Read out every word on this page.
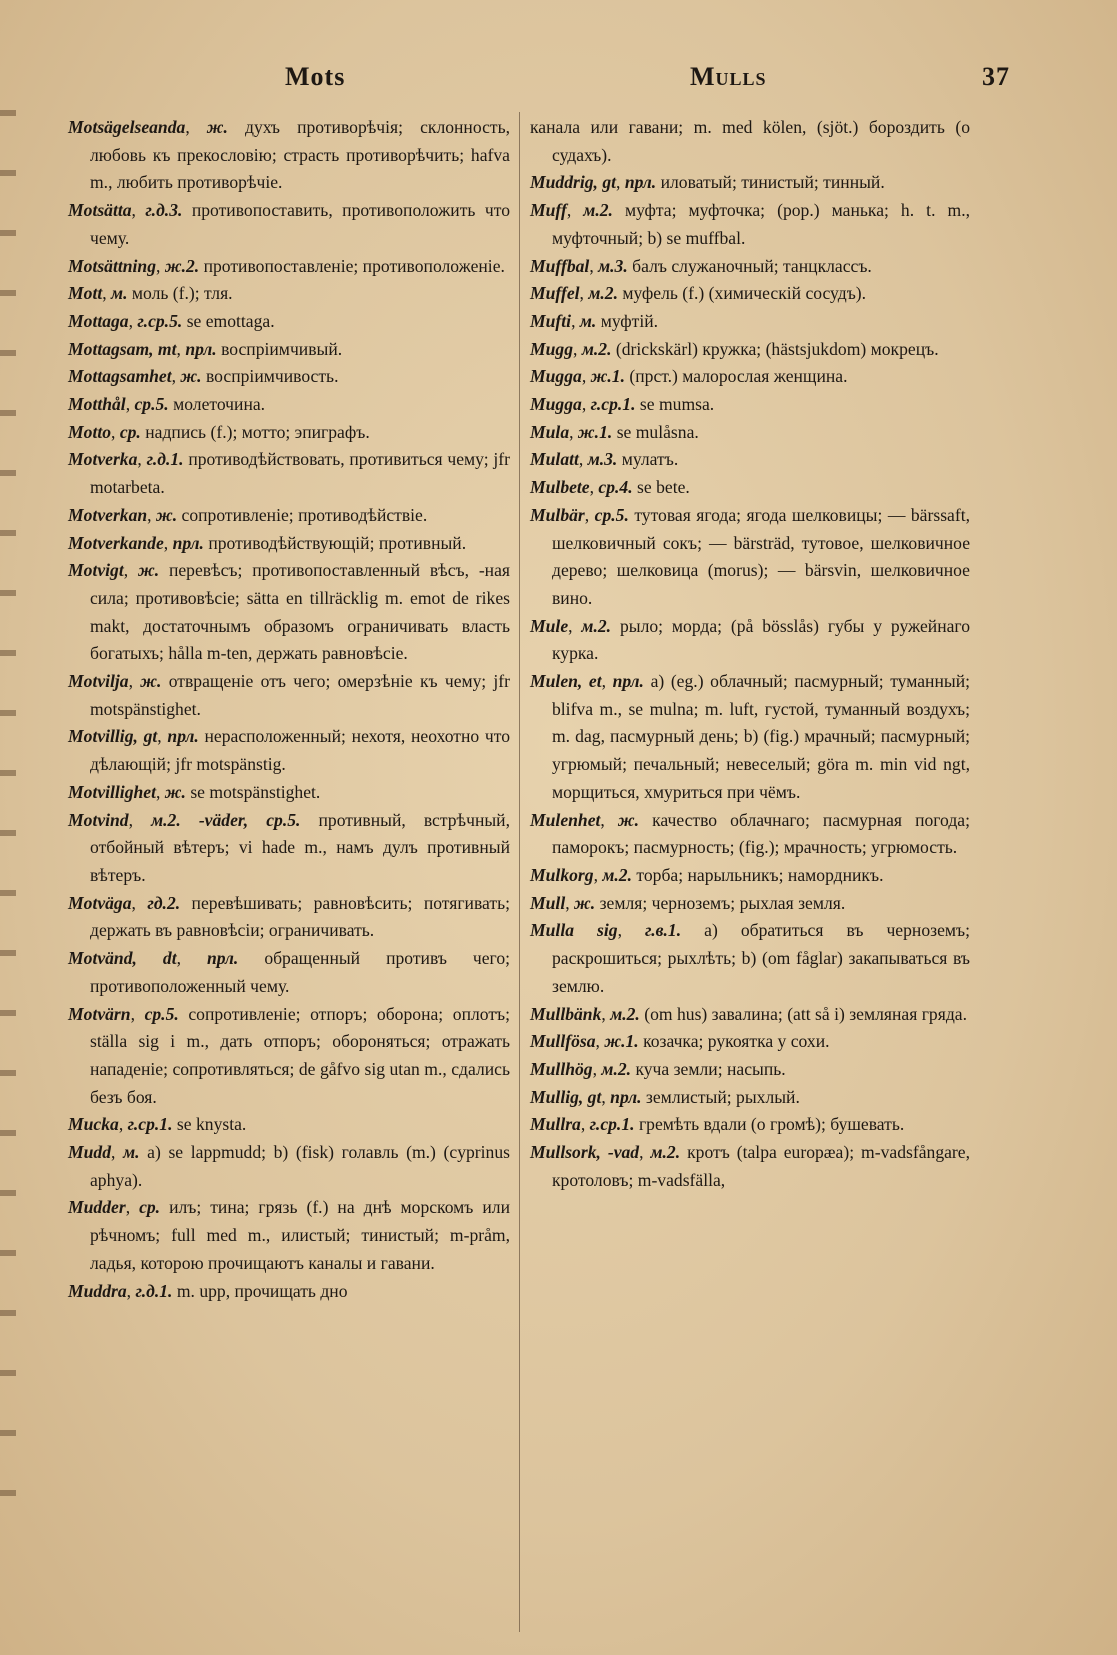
Mots	Mulls	37

Motsägelseanda, ж. духъ противорѣчія; склонность, любовь къ прекословію; страсть противорѣчить; hafva m., любить противорѣчіе.

Motsätta, г.д.3. противопоставить, противоположить что чему.

Motsättning, ж.2. противопоставленіе; противоположеніе.

Mott, м. моль (f.); тля.

Mottaga, г.ср.5. se emottaga.

Mottagsam, mt, прл. воспріимчивый.

Mottagsamhet, ж. воспріимчивость.

Motthål, ср.5. молеточина.

Motto, ср. надпись (f.); мотто; эпиграфъ.

Motverka, г.д.1. противодѣйствовать, противиться чему; jfr motarbeta.

Motverkan, ж. сопротивленіе; противодѣйствіе.

Motverkande, прл. противодѣйствующій; противный.

Motvigt, ж. перевѣсъ; противопоставленный вѣсъ, -ная сила; противовѣсіе; sätta en tillräcklig m. emot de rikes makt, достаточнымъ образомъ ограничивать власть богатыхъ; hålla m-ten, держать равновѣсіе.

Motvilja, ж. отвращеніе отъ чего; омерзѣніе къ чему; jfr motspänstighet.

Motvillig, gt, прл. нерасположенный; нехотя, неохотно что дѣлающій; jfr motspänstig.

Motvillighet, ж. se motspänstighet.

Motvind, м.2. -väder, ср.5. противный, встрѣчный, отбойный вѣтеръ; vi hade m., намъ дулъ противный вѣтеръ.

Motväga, гд.2. перевѣшивать; равновѣсить; потягивать; держать въ равновѣсіи; ограничивать.

Motvänd, dt, прл. обращенный противъ чего; противоположенный чему.

Motvärn, ср.5. сопротивленіе; отпоръ; оборона; оплотъ; ställa sig i m., дать отпоръ; обороняться; отражать нападеніе; сопротивляться; de gåfvo sig utan m., сдались безъ боя.

Mucka, г.ср.1. se knysta.

Mudd, м. a) se lappmudd; b) (fisk) голавль (m.) (cyprinus aphya).

Mudder, ср. илъ; тина; грязь (f.) на днѣ морскомъ или рѣчномъ; full med m., илистый; тинистый; m-pråm, ладья, которою прочищаютъ каналы и гавани.

Muddra, г.д.1. m. upp, прочищать дно

канала или гавани; m. med kölen, (sjöt.) бороздить (о судахъ).

Muddrig, gt, прл. иловатый; тинистый; тинный.

Muff, м.2. муфта; муфточка; (pop.) манька; h. t. m., муфточный; b) se muffbal.

Muffbal, м.3. балъ служаночный; танцклассъ.

Muffel, м.2. муфель (f.) (химическій сосудъ).

Mufti, м. муфтій.

Mugg, м.2. (drickskärl) кружка; (hästsjukdom) мокрецъ.

Mugga, ж.1. (прст.) малорослая женщина.

Mugga, г.ср.1. se mumsa.

Mula, ж.1. se mulåsna.

Mulatt, м.3. мулатъ.

Mulbete, ср.4. se bete.

Mulbär, ср.5. тутовая ягода; ягода шелковицы; — bärssaft, шелковичный сокъ; — bärsträd, тутовое, шелковичное дерево; шелковица (morus); — bärsvin, шелковичное вино.

Mule, м.2. рыло; морда; (på bösslås) губы у ружейнаго курка.

Mulen, et, прл. a) (eg.) облачный; пасмурный; туманный; blifva m., se mulna; m. luft, густой, туманный воздухъ; m. dag, пасмурный день; b) (fig.) мрачный; пасмурный; угрюмый; печальный; невеселый; göra m. min vid ngt, морщиться, хмуриться при чёмъ.

Mulenhet, ж. качество облачнаго; пасмурная погода; паморокъ; пасмурность; (fig.); мрачность; угрюмость.

Mulkorg, м.2. торба; нарыльникъ; намордникъ.

Mull, ж. земля; черноземъ; рыхлая земля.

Mulla sig, г.в.1. a) обратиться въ черноземъ; раскрошиться; рыхлѣть; b) (om fåglar) закапываться въ землю.

Mullbänk, м.2. (om hus) завалина; (att så i) земляная гряда.

Mullfösa, ж.1. козачка; рукоятка у сохи.

Mullhög, м.2. куча земли; насыпь.

Mullig, gt, прл. землистый; рыхлый.

Mullra, г.ср.1. гремѣть вдали (о громѣ); бушевать.

Mullsork, -vad, м.2. кротъ (talpa europæa); m-vadsfångare, кротоловъ; m-vadsfälla,
